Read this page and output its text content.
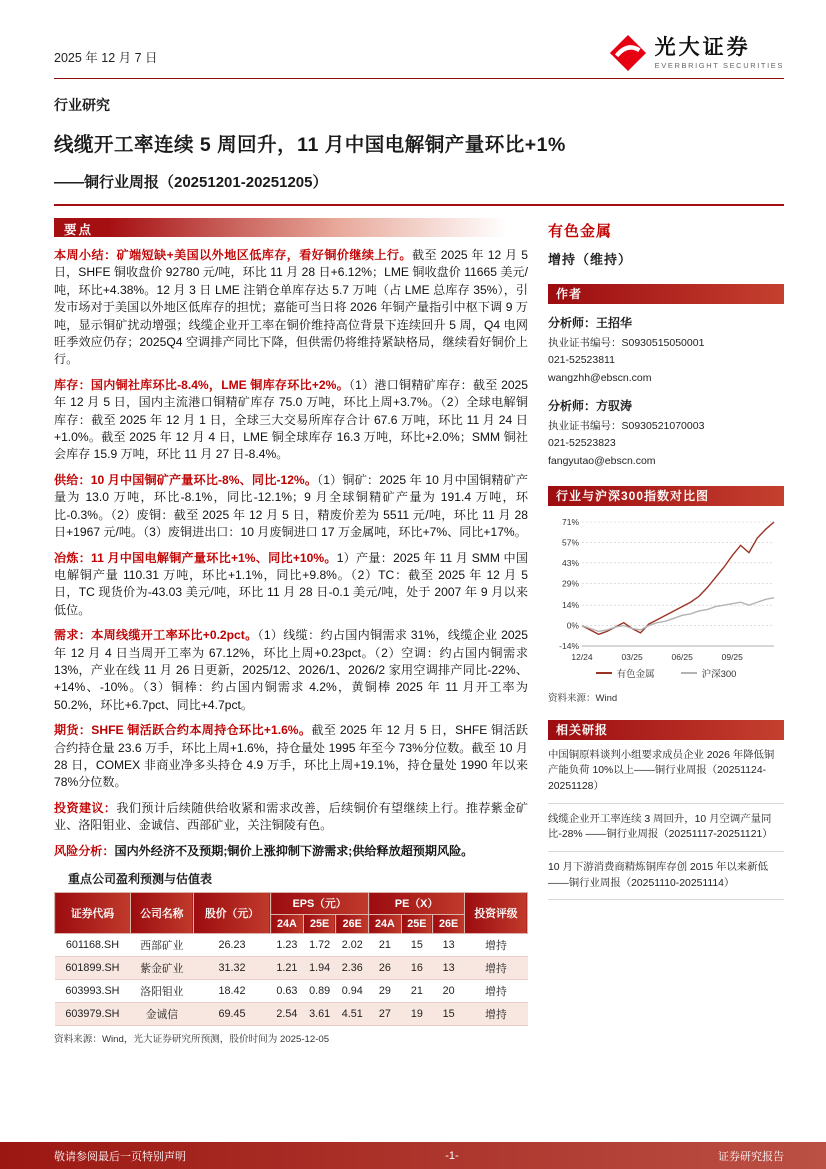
2025 年 12 月 7 日	光大证券
EVERBRIGHT SECURITIES
行业研究
线缆开工率连续 5 周回升，11 月中国电解铜产量环比+1%
——铜行业周报（20251201-20251205）
要点

本周小结：矿端短缺+美国以外地区低库存，看好铜价继续上行。截至 2025 年 12 月 5 日，SHFE 铜收盘价 92780 元/吨，环比 11 月 28 日+6.12%；LME 铜收盘价 11665 美元/吨，环比+4.38%。12 月 3 日 LME 注销仓单库存达 5.7 万吨（占 LME 总库存 35%），引发市场对于美国以外地区低库存的担忧；嘉能可当日将 2026 年铜产量指引中枢下调 9 万吨，显示铜矿扰动增强；线缆企业开工率在铜价维持高位背景下连续回升 5 周，Q4 电网旺季效应仍存；2025Q4 空调排产同比下降，但供需仍将维持紧缺格局，继续看好铜价上行。

库存：国内铜社库环比-8.4%，LME 铜库存环比+2%。（1）港口铜精矿库存：截至 2025 年 12 月 5 日，国内主流港口铜精矿库存 75.0 万吨，环比上周+3.7%。（2）全球电解铜库存：截至 2025 年 12 月 1 日，全球三大交易所库存合计 67.6 万吨，环比 11 月 24 日+1.0%。截至 2025 年 12 月 4 日，LME 铜全球库存 16.3 万吨，环比+2.0%；SMM 铜社会库存 15.9 万吨，环比 11 月 27 日-8.4%。

供给：10 月中国铜矿产量环比-8%、同比-12%。（1）铜矿：2025 年 10 月中国铜精矿产量为 13.0 万吨，环比-8.1%，同比-12.1%；9 月全球铜精矿产量为 191.4 万吨，环比-0.3%。（2）废铜：截至 2025 年 12 月 5 日，精废价差为 5511 元/吨，环比 11 月 28 日+1967 元/吨。（3）废铜进出口：10 月废铜进口 17 万金属吨，环比+7%、同比+17%。

冶炼：11 月中国电解铜产量环比+1%、同比+10%。1）产量：2025 年 11 月 SMM 中国电解铜产量 110.31 万吨，环比+1.1%，同比+9.8%。（2）TC：截至 2025 年 12 月 5 日，TC 现货价为-43.03 美元/吨，环比 11 月 28 日-0.1 美元/吨，处于 2007 年 9 月以来低位。

需求：本周线缆开工率环比+0.2pct。（1）线缆：约占国内铜需求 31%，线缆企业 2025 年 12 月 4 日当周开工率为 67.12%，环比上周+0.23pct。（2）空调：约占国内铜需求 13%，产业在线 11 月 26 日更新，2025/12、2026/1、2026/2 家用空调排产同比-22%、+14%、-10%。（3）铜棒：约占国内铜需求 4.2%，黄铜棒 2025 年 11 月开工率为 50.2%，环比+6.7pct、同比+4.7pct。

期货：SHFE 铜活跃合约本周持仓环比+1.6%。截至 2025 年 12 月 5 日，SHFE 铜活跃合约持仓量 23.6 万手，环比上周+1.6%，持仓量处 1995 年至今 73%分位数。截至 10 月 28 日，COMEX 非商业净多头持仓 4.9 万手，环比上周+19.1%，持仓量处 1990 年以来 78%分位数。

投资建议：我们预计后续随供给收紧和需求改善，后续铜价有望继续上行。推荐紫金矿业、洛阳钼业、金诚信、西部矿业，关注铜陵有色。

风险分析：国内外经济不及预期;铜价上涨抑制下游需求;供给释放超预期风险。

重点公司盈利预测与估值表
证券代码	公司名称	股价（元）	EPS（元）			PE（X）			投资评级
			24A	25E	26E	24A	25E	26E	
601168.SH	西部矿业	26.23	1.23	1.72	2.02	21	15	13	增持
601899.SH	紫金矿业	31.32	1.21	1.94	2.36	26	16	13	增持
603993.SH	洛阳钼业	18.42	0.63	0.89	0.94	29	21	20	增持
603979.SH	金诚信	69.45	2.54	3.61	4.51	27	19	15	增持
资料来源：Wind，光大证券研究所预测，股价时间为 2025-12-05
有色金属
增持（维持）
作者
分析师：王招华
执业证书编号：S0930515050001
021-52523811
wangzhh@ebscn.com
分析师：方驭涛
执业证书编号：S0930521070003
021-52523823
fangyutao@ebscn.com
行业与沪深300指数对比图
71%
57%
43%
29%
14%
0%
-14%
12/24	03/25	06/25	09/25
有色金属	沪深300
资料来源：Wind
相关研报
中国铜原料谈判小组要求成员企业 2026 年降低铜产能负荷 10%以上——铜行业周报（20251124-20251128）
线缆企业开工率连续 3 周回升，10 月空调产量同比-28% ——铜行业周报（20251117-20251121）
10 月下游消费商精炼铜库存创 2015 年以来新低——铜行业周报（20251110-20251114）
敬请参阅最后一页特别声明	-1-	证券研究报告
